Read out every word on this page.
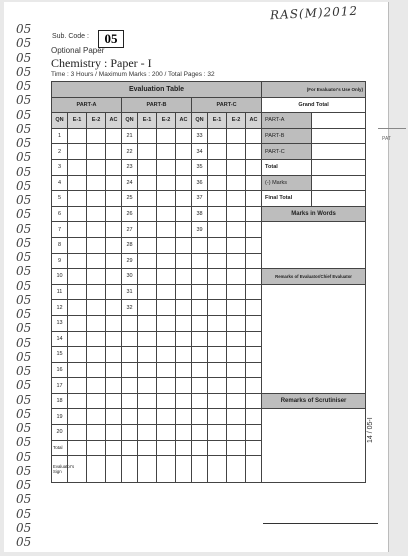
RAS(M)2012
05
05
05
05
05
05
05
05
05
05
05
05
05
05
05
05
05
05
05
05
05
05
05
05
05
05
05
05
05
05
05
05
05
05
05
05
05
Sub. Code :	05
Optional Paper
Chemistry : Paper - I
Time : 3 Hours / Maximum Marks : 200 / Total Pages : 32
PAT
Evaluation Table												(For Evaluator's Use Only)	
PART-A				PART-B				PART-C				Grand Total	
QN	E-1	E-2	AC	QN	E-1	E-2	AC	QN	E-1	E-2	AC	PART-A	
1				21				33				PART-B	
2				22				34				PART-C	
3				23				35				Total	
4				24				36				(-) Marks	
5				25				37				Final Total	
6				26				38				Marks in Words	
7				27				39					
8				28									
9				29									
10				30								Remarks of Evaluator/Chief Evaluator	
11				31									
12				32									
13													
14													
15													
16													
17													
18												Remarks of Scrutiniser	
19													
20													
Total													
Evaluator's Sign													
14 / 05-I
